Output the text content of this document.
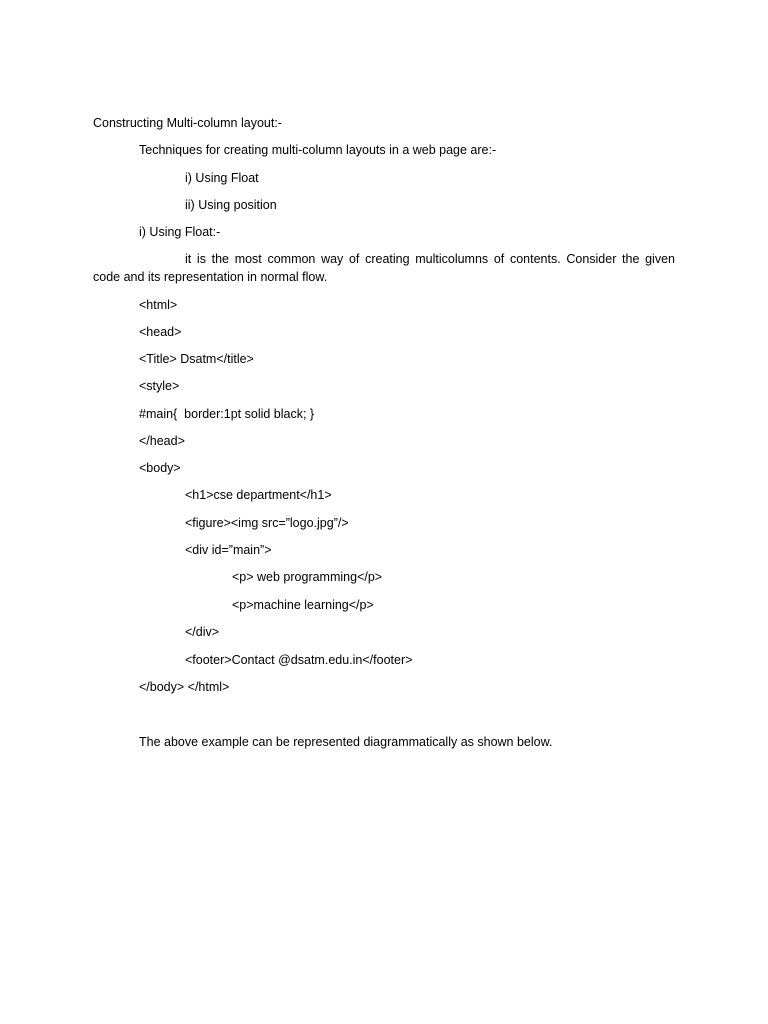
Constructing Multi-column layout:-

Techniques for creating multi-column layouts in a web page are:-

i) Using Float

ii) Using position

i) Using Float:-

it is the most common way of creating multicolumns of contents. Consider the given code and its representation in normal flow.

<html>

<head>

<Title> Dsatm</title>

<style>

#main{  border:1pt solid black; }

</head>

<body>

<h1>cse department</h1>

<figure><img src=”logo.jpg”/>

<div id=”main”>

<p> web programming</p>

<p>machine learning</p>

</div>

<footer>Contact @dsatm.edu.in</footer>

</body> </html>

The above example can be represented diagrammatically as shown below.
